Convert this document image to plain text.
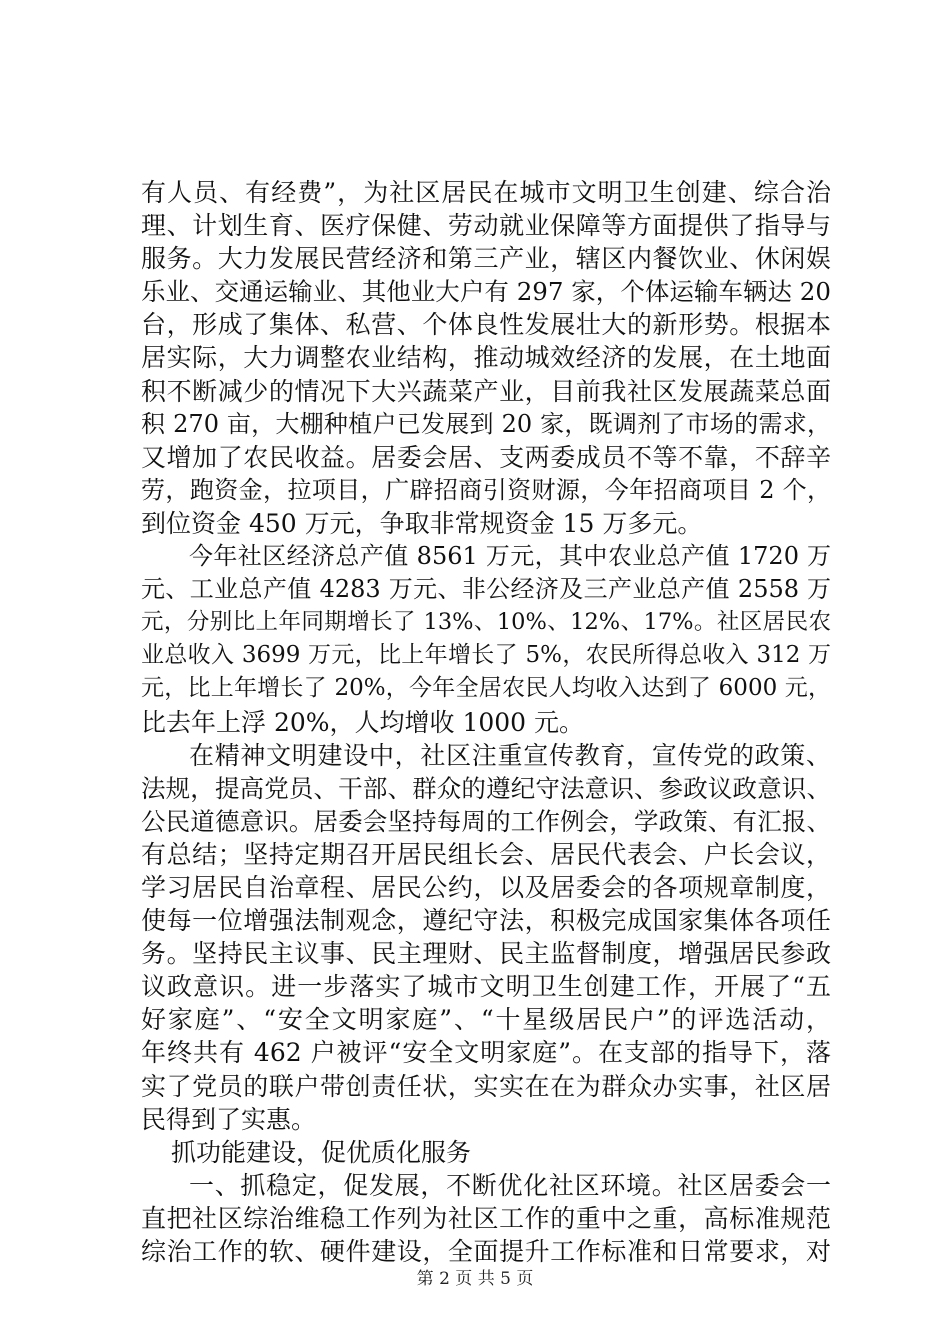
有人员、有经费”，为社区居民在城市文明卫生创建、综合治
理、计划生育、医疗保健、劳动就业保障等方面提供了指导与
服务。大力发展民营经济和第三产业，辖区内餐饮业、休闲娱
乐业、交通运输业、其他业大户有 297 家，个体运输车辆达 20
台，形成了集体、私营、个体良性发展壮大的新形势。根据本
居实际，大力调整农业结构，推动城效经济的发展，在土地面
积不断减少的情况下大兴蔬菜产业，目前我社区发展蔬菜总面
积 270 亩，大棚种植户已发展到 20 家，既调剂了市场的需求，
又增加了农民收益。居委会居、支两委成员不等不靠，不辞辛
劳，跑资金，拉项目，广辟招商引资财源，今年招商项目 2 个，
到位资金 450 万元，争取非常规资金 15 万多元。
今年社区经济总产值 8561 万元，其中农业总产值 1720 万
元、工业总产值 4283 万元、非公经济及三产业总产值 2558 万
元，分别比上年同期增长了 13%、10%、12%、17%。社区居民农
业总收入 3699 万元，比上年增长了 5%，农民所得总收入 312 万
元，比上年增长了 20%，今年全居农民人均收入达到了 6000 元，
比去年上浮 20%，人均增收 1000 元。
在精神文明建设中，社区注重宣传教育，宣传党的政策、
法规，提高党员、干部、群众的遵纪守法意识、参政议政意识、
公民道德意识。居委会坚持每周的工作例会，学政策、有汇报、
有总结；坚持定期召开居民组长会、居民代表会、户长会议，
学习居民自治章程、居民公约，以及居委会的各项规章制度，
使每一位增强法制观念，遵纪守法，积极完成国家集体各项任
务。坚持民主议事、民主理财、民主监督制度，增强居民参政
议政意识。进一步落实了城市文明卫生创建工作，开展了“五
好家庭”、“安全文明家庭”、“十星级居民户”的评选活动，
年终共有 462 户被评“安全文明家庭”。在支部的指导下，落
实了党员的联户带创责任状，实实在在为群众办实事，社区居
民得到了实惠。
抓功能建设，促优质化服务
一、抓稳定，促发展，不断优化社区环境。社区居委会一
直把社区综治维稳工作列为社区工作的重中之重，高标准规范
综治工作的软、硬件建设，全面提升工作标准和日常要求，对
第 2 页 共 5 页
